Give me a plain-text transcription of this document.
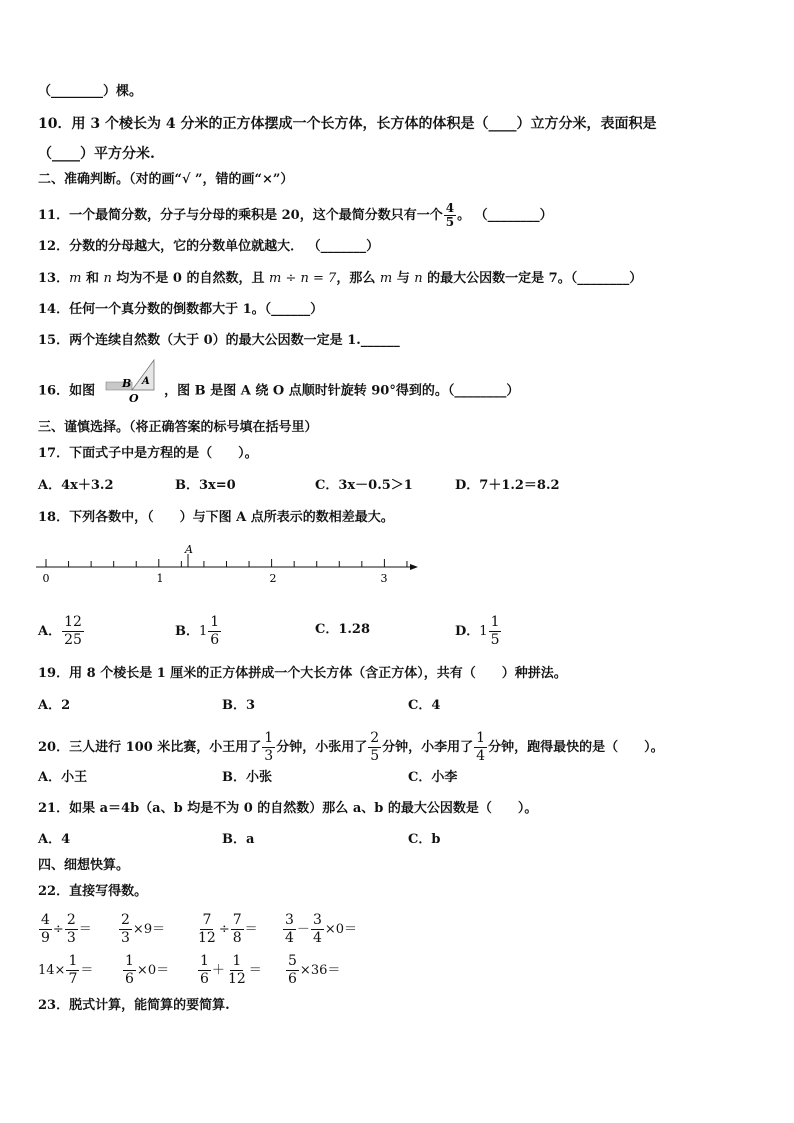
（________）棵。
10．用 3 个棱长为 4 分米的正方体摆成一个长方体，长方体的体积是（____）立方分米，表面积是
（____）平方分米.
二、准确判断。（对的画“√ ”，错的画“×”）
11．一个最简分数，分子与分母的乘积是 20，这个最简分数只有一个 $\frac{4}{5}$ 。 （________）
12．分数的分母越大，它的分数单位就越大． （_______）
13．m 和 n 均为不是 0 的自然数，且 m ÷ n = 7，那么 m 与 n 的最大公因数一定是 7。（________）
14．任何一个真分数的倒数都大于 1。（______）
15．两个连续自然数（大于 0）的最大公因数一定是 1.______
16．如图 B A
O ，图 B 是图 A 绕 O 点顺时针旋转 90°得到的。（________）
三、谨慎选择。（将正确答案的标号填在括号里）
17．下面式子中是方程的是（　　）。
A．4x＋3.2	B．3x=0	C．3x－0.5＞1	D．7＋1.2＝8.2
18．下列各数中，（　　）与下图 A 点所表示的数相差最大。
A
0	1	2	3
A． $\frac{12}{25}$	B． $1 \frac{1}{6}$	C．1.28	D． $1 \frac{1}{5}$
19．用 8 个棱长是 1 厘米的正方体拼成一个大长方体（含正方体），共有（　　）种拼法。
A．2	B．3	C．4
20．三人进行 100 米比赛，小王用了 $\frac{1}{3}$ 分钟，小张用了 $\frac{2}{5}$ 分钟，小李用了 $\frac{1}{4}$ 分钟，跑得最快的是（　　）。
A．小王	B．小张	C．小李
21．如果 a＝4b（a、b 均是不为 0 的自然数）那么 a、b 的最大公因数是（　　）。
A．4	B．a	C．b
四、细想快算。
22．直接写得数。
$\frac{4}{9} \div \frac{2}{3} = \frac{2}{3} \times 9= \frac{7}{12} \div \frac{7}{8} = \frac{3}{4} - \frac{3}{4} \times 0=$
$14\times \frac{1}{7} = \frac{1}{6} \times 0= \frac{1}{6} + \frac{1}{12} = \frac{5}{6} \times 36=$
23．脱式计算，能简算的要简算.
